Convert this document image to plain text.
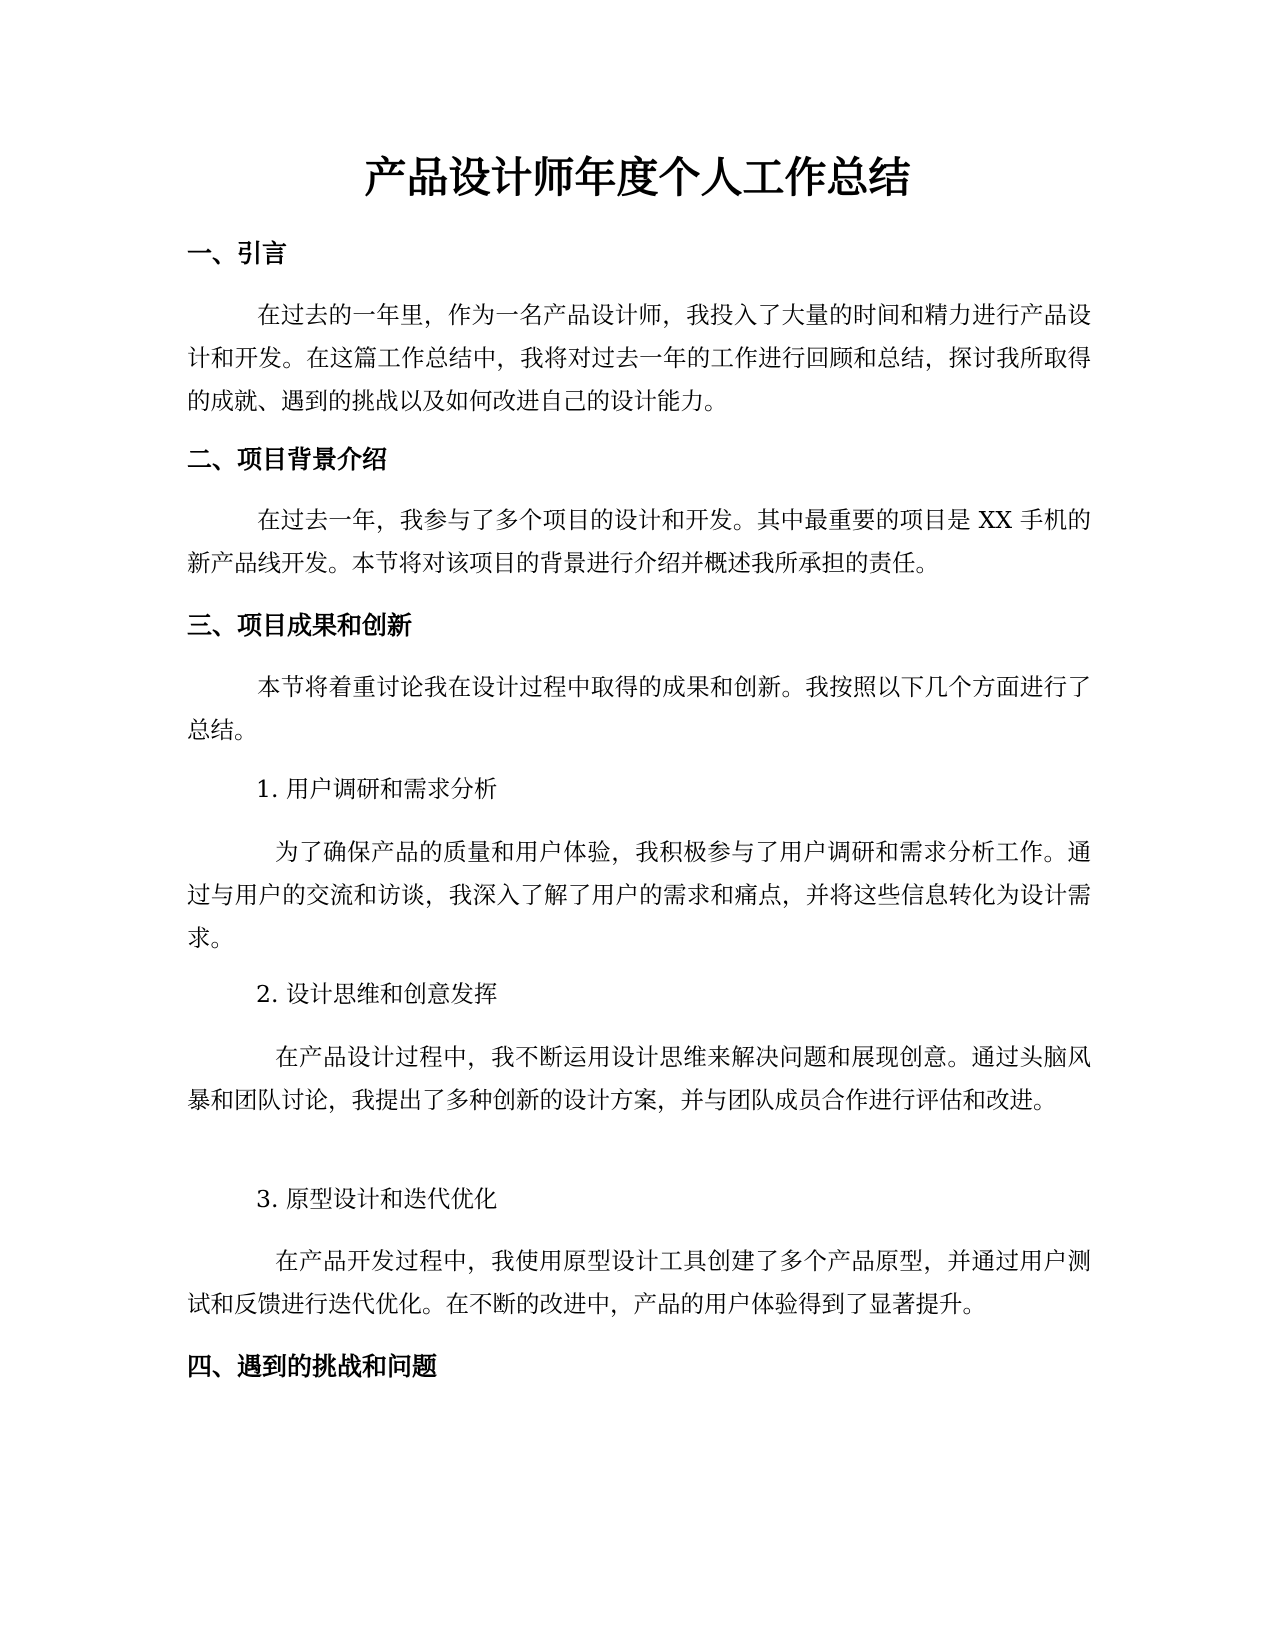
产品设计师年度个人工作总结
一、引言

在过去的一年里，作为一名产品设计师，我投入了大量的时间和精力进行产品设计和开发。在这篇工作总结中，我将对过去一年的工作进行回顾和总结，探讨我所取得的成就、遇到的挑战以及如何改进自己的设计能力。

二、项目背景介绍

在过去一年，我参与了多个项目的设计和开发。其中最重要的项目是 XX 手机的新产品线开发。本节将对该项目的背景进行介绍并概述我所承担的责任。

三、项目成果和创新

本节将着重讨论我在设计过程中取得的成果和创新。我按照以下几个方面进行了总结。

1. 用户调研和需求分析

为了确保产品的质量和用户体验，我积极参与了用户调研和需求分析工作。通过与用户的交流和访谈，我深入了解了用户的需求和痛点，并将这些信息转化为设计需求。

2. 设计思维和创意发挥

在产品设计过程中，我不断运用设计思维来解决问题和展现创意。通过头脑风暴和团队讨论，我提出了多种创新的设计方案，并与团队成员合作进行评估和改进。

3. 原型设计和迭代优化

在产品开发过程中，我使用原型设计工具创建了多个产品原型，并通过用户测试和反馈进行迭代优化。在不断的改进中，产品的用户体验得到了显著提升。

四、遇到的挑战和问题
